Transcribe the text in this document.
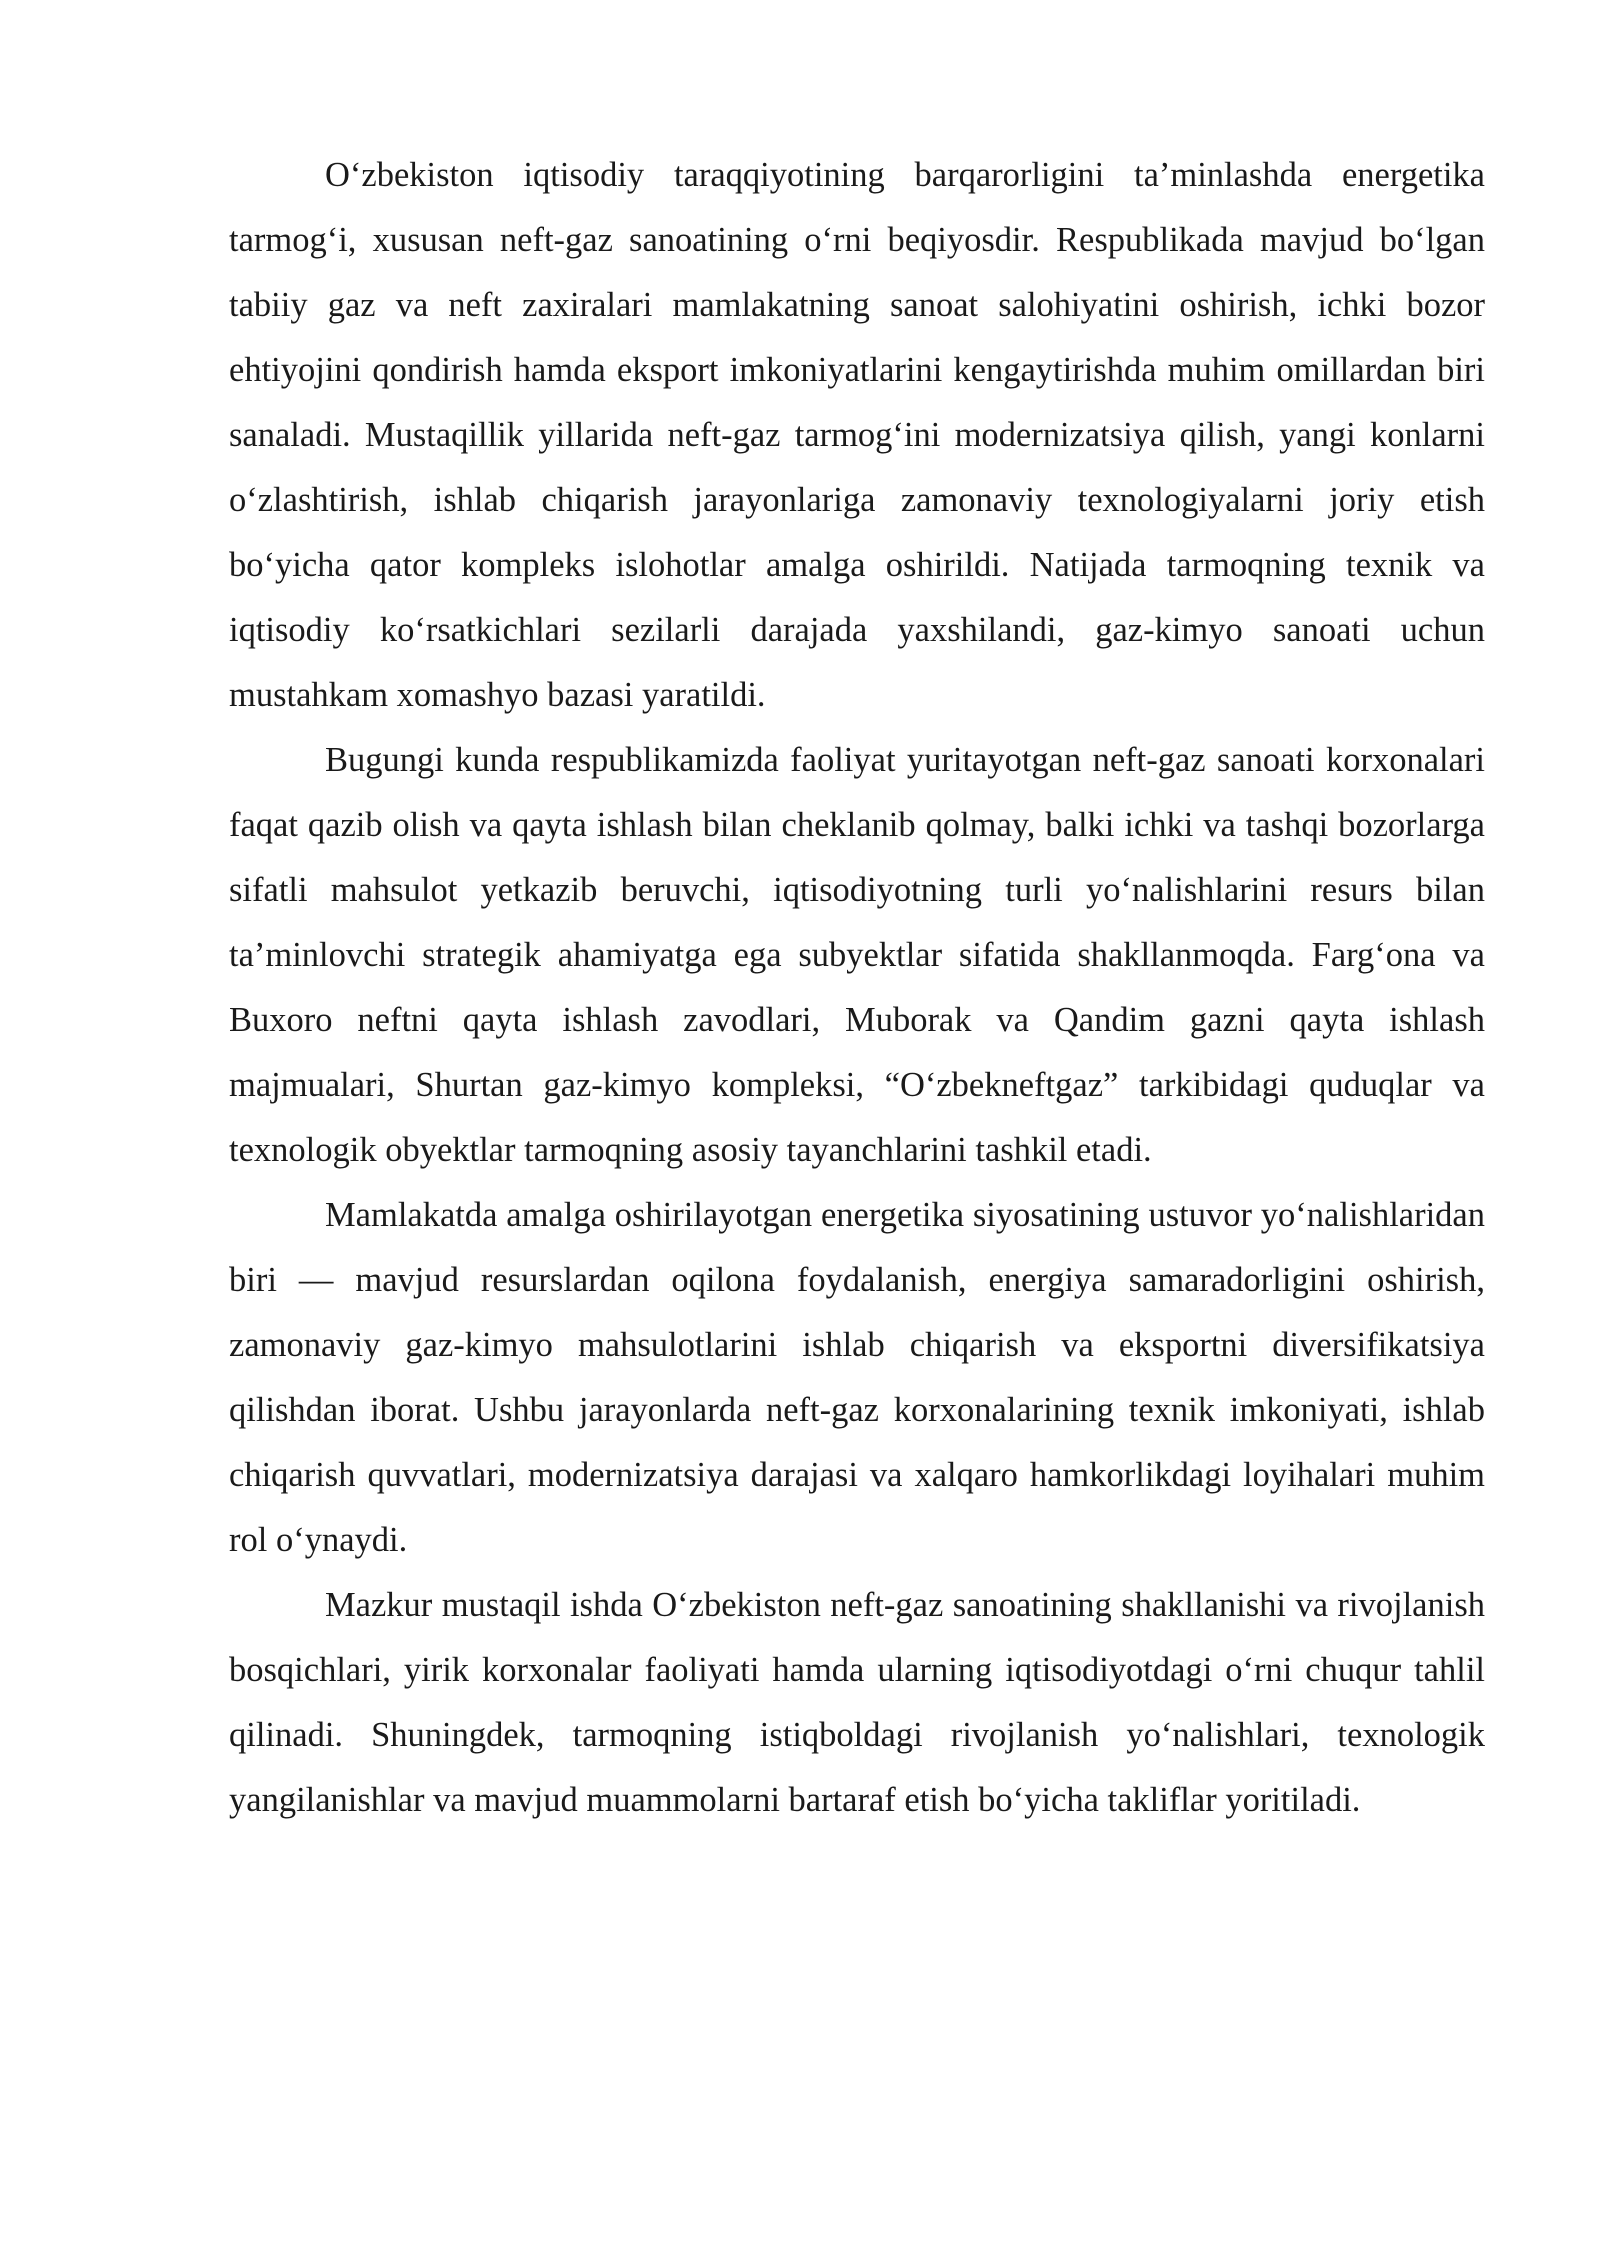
O‘zbekiston iqtisodiy taraqqiyotining barqarorligini ta’minlashda energetika tarmog‘i, xususan neft-gaz sanoatining o‘rni beqiyosdir. Respublikada mavjud bo‘lgan tabiiy gaz va neft zaxiralari mamlakatning sanoat salohiyatini oshirish, ichki bozor ehtiyojini qondirish hamda eksport imkoniyatlarini kengaytirishda muhim omillardan biri sanaladi. Mustaqillik yillarida neft-gaz tarmog‘ini modernizatsiya qilish, yangi konlarni o‘zlashtirish, ishlab chiqarish jarayonlariga zamonaviy texnologiyalarni joriy etish bo‘yicha qator kompleks islohotlar amalga oshirildi. Natijada tarmoqning texnik va iqtisodiy ko‘rsatkichlari sezilarli darajada yaxshilandi, gaz-kimyo sanoati uchun mustahkam xomashyo bazasi yaratildi.

Bugungi kunda respublikamizda faoliyat yuritayotgan neft-gaz sanoati korxonalari faqat qazib olish va qayta ishlash bilan cheklanib qolmay, balki ichki va tashqi bozorlarga sifatli mahsulot yetkazib beruvchi, iqtisodiyotning turli yo‘nalishlarini resurs bilan ta’minlovchi strategik ahamiyatga ega subyektlar sifatida shakllanmoqda. Farg‘ona va Buxoro neftni qayta ishlash zavodlari, Muborak va Qandim gazni qayta ishlash majmualari, Shurtan gaz-kimyo kompleksi, “O‘zbekneftgaz” tarkibidagi quduqlar va texnologik obyektlar tarmoqning asosiy tayanchlarini tashkil etadi.

Mamlakatda amalga oshirilayotgan energetika siyosatining ustuvor yo‘nalishlaridan biri — mavjud resurslardan oqilona foydalanish, energiya samaradorligini oshirish, zamonaviy gaz-kimyo mahsulotlarini ishlab chiqarish va eksportni diversifikatsiya qilishdan iborat. Ushbu jarayonlarda neft-gaz korxonalarining texnik imkoniyati, ishlab chiqarish quvvatlari, modernizatsiya darajasi va xalqaro hamkorlikdagi loyihalari muhim rol o‘ynaydi.

Mazkur mustaqil ishda O‘zbekiston neft-gaz sanoatining shakllanishi va rivojlanish bosqichlari, yirik korxonalar faoliyati hamda ularning iqtisodiyotdagi o‘rni chuqur tahlil qilinadi. Shuningdek, tarmoqning istiqboldagi rivojlanish yo‘nalishlari, texnologik yangilanishlar va mavjud muammolarni bartaraf etish bo‘yicha takliflar yoritiladi.
